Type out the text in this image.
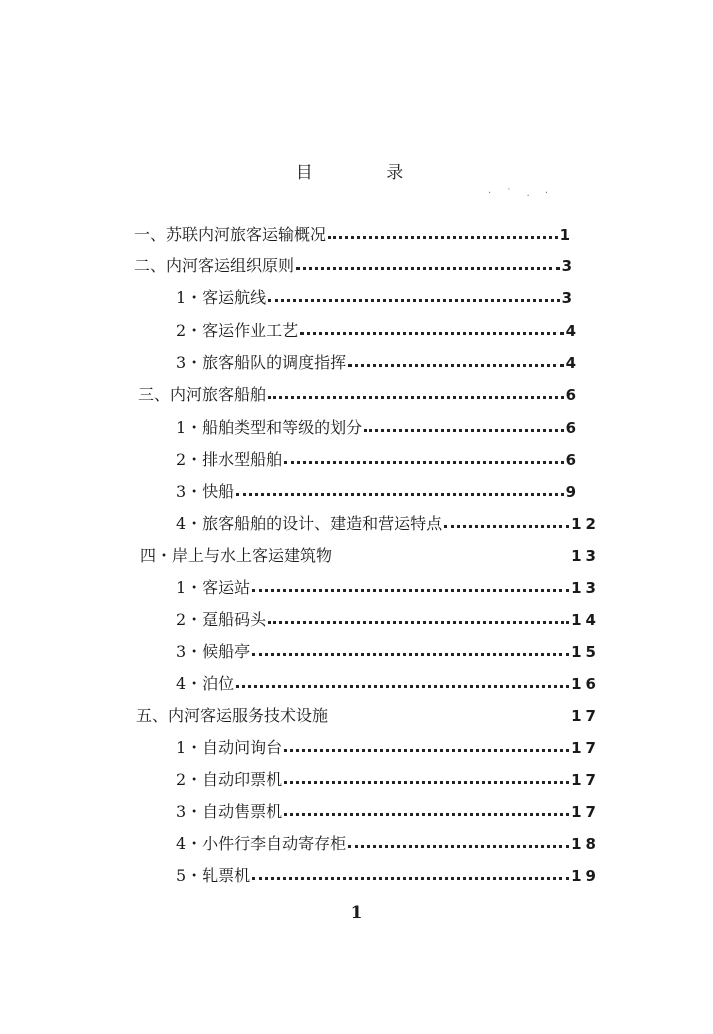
目 录
· ˙ . ·
一、苏联内河旅客运输概况	1
二、内河客运组织原则	3
1・客运航线	3
2・客运作业工艺	4
3・旅客船队的调度指挥	4
三、内河旅客船舶	6
1・船舶类型和等级的划分	6
2・排水型船舶	6
3・快船	9
4・旅客船舶的设计、建造和营运特点	12
四・岸上与水上客运建筑物	13
1・客运站	13
2・趸船码头	14
3・候船亭	15
4・泊位	16
五、内河客运服务技术设施	17
1・自动问询台	17
2・自动印票机	17
3・自动售票机	17
4・小件行李自动寄存柜	18
5・轧票机	19
1
